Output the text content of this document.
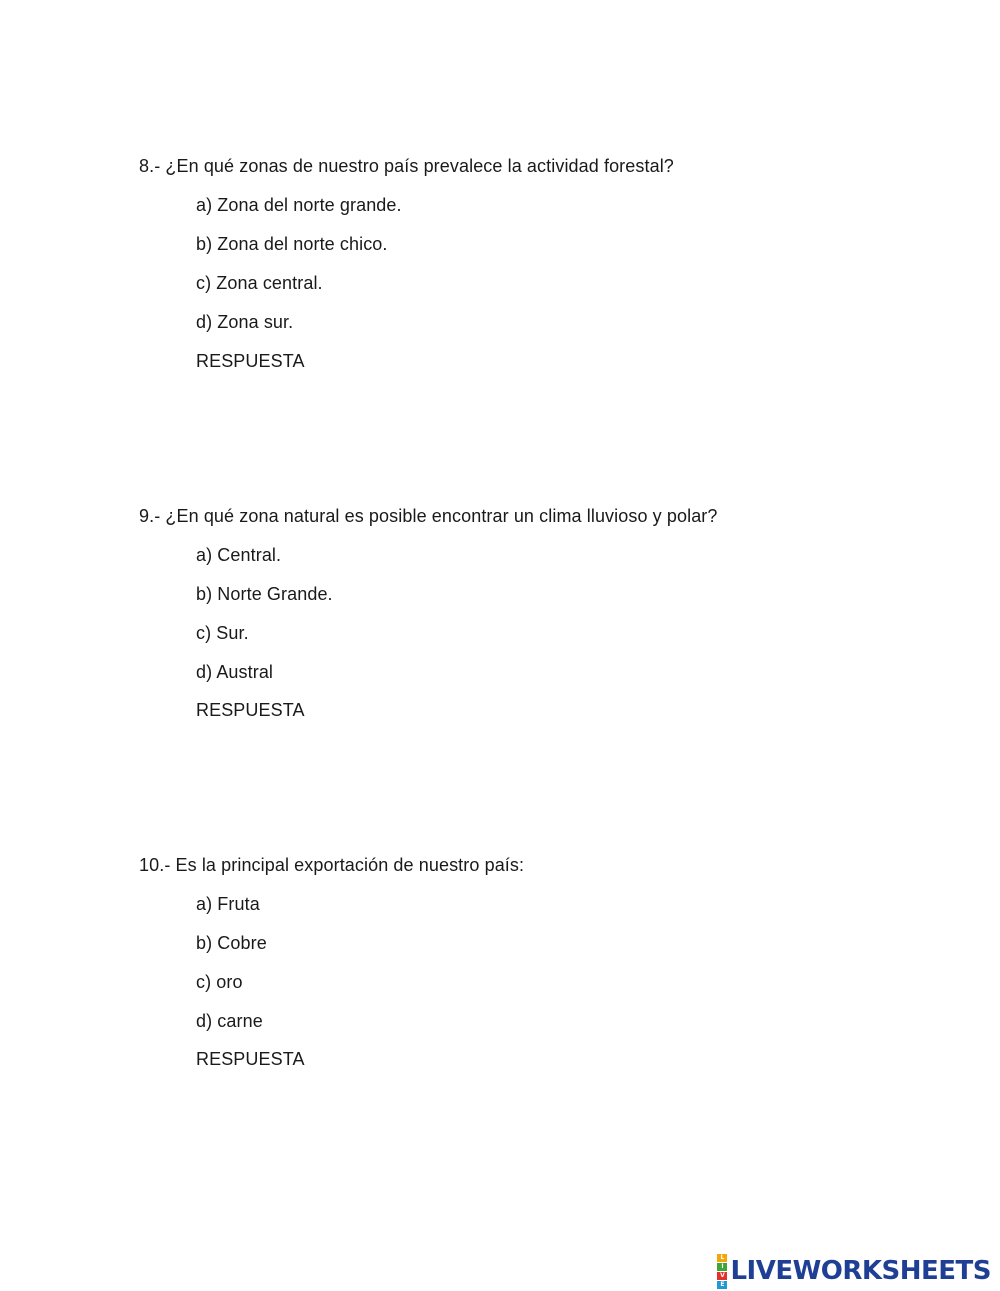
8.- ¿En qué zonas de nuestro país prevalece la actividad forestal?
a) Zona del norte grande.
b) Zona del norte chico.
c) Zona central.
d) Zona sur.
RESPUESTA
9.- ¿En qué zona natural es posible encontrar un clima lluvioso y polar?
a) Central.
b) Norte Grande.
c) Sur.
d) Austral
RESPUESTA
10.- Es la principal exportación de nuestro país:
a) Fruta
b) Cobre
c) oro
d) carne
RESPUESTA
L
I
V
E LIVEWORKSHEETS
